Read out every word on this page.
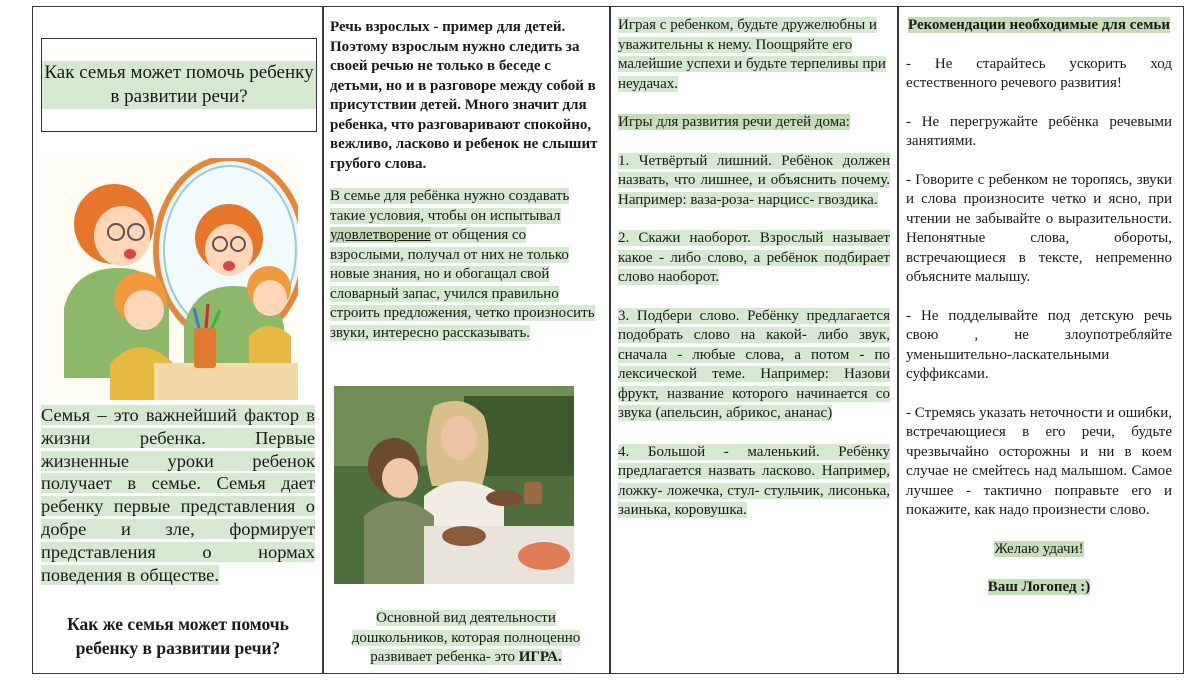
Как семья может помочь ребенку в развитии речи?
Семья – это важнейший фактор в жизни ребенка. Первые жизненные уроки ребенок получает в семье. Семья дает ребенку первые представления о добре и зле, формирует представления о нормах поведения в обществе.
Как же семья может помочь ребенку в развитии речи?

Речь взрослых - пример для детей. Поэтому взрослым нужно следить за своей речью не только в беседе с детьми, но и в разговоре между собой в присутствии детей. Много значит для ребенка, что разговаривают спокойно, вежливо, ласково и ребенок не слышит грубого слова.

В семье для ребёнка нужно создавать такие условия, чтобы он испытывал удовлетворение от общения со взрослыми, получал от них не только новые знания, но и обогащал свой словарный запас, учился правильно строить предложения, четко произносить звуки, интересно рассказывать.

Основной вид деятельности дошкольников, которая полноценно развивает ребенка- это ИГРА.

Играя с ребенком, будьте дружелюбны и уважительны к нему. Поощряйте его малейшие успехи и будьте терпеливы при неудачах.

Игры для развития речи детей дома:

1. Четвёртый лишний. Ребёнок должен назвать, что лишнее, и объяснить почему. Например: ваза-роза- нарцисс- гвоздика.

2. Скажи наоборот. Взрослый называет какое - либо слово, а ребёнок подбирает слово наоборот.

3. Подбери слово. Ребёнку предлагается подобрать слово на какой- либо звук, сначала - любые слова, а потом - по лексической теме. Например: Назови фрукт, название которого начинается со звука (апельсин, абрикос, ананас)

4. Большой - маленький. Ребёнку предлагается назвать ласково. Например, ложку- ложечка, стул- стульчик, лисонька, заинька, коровушка.

Рекомендации необходимые для семьи

- Не старайтесь ускорить ход естественного речевого развития!

- Не перегружайте ребёнка речевыми занятиями.

- Говорите с ребенком не торопясь, звуки и слова произносите четко и ясно, при чтении не забывайте о выразительности. Непонятные слова, обороты, встречающиеся в тексте, непременно объясните малышу.

- Не подделывайте под детскую речь свою , не злоупотребляйте уменьшительно-ласкательными суффиксами.

- Стремясь указать неточности и ошибки, встречающиеся в его речи, будьте чрезвычайно осторожны и ни в коем случае не смейтесь над малышом. Самое лучшее - тактично поправьте его и покажите, как надо произнести слово.

Желаю удачи!

Ваш Логопед :)
